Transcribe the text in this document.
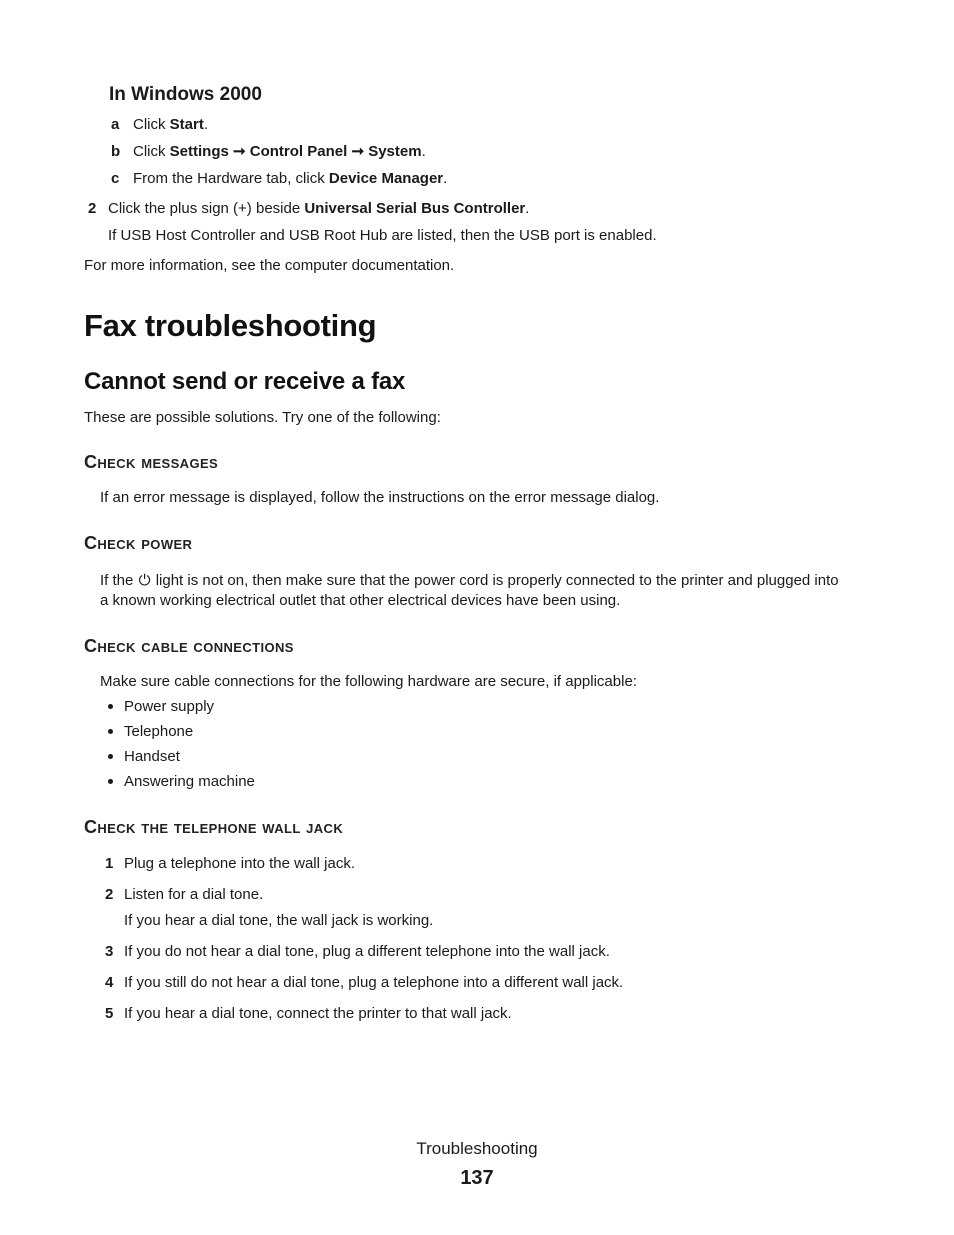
In Windows 2000
a Click Start.
b Click Settings ➞ Control Panel ➞ System.
c From the Hardware tab, click Device Manager.
2 Click the plus sign (+) beside Universal Serial Bus Controller.
If USB Host Controller and USB Root Hub are listed, then the USB port is enabled.
For more information, see the computer documentation.
Fax troubleshooting
Cannot send or receive a fax
These are possible solutions. Try one of the following:
Check messages
If an error message is displayed, follow the instructions on the error message dialog.
Check power
If the ⏻ light is not on, then make sure that the power cord is properly connected to the printer and plugged into
a known working electrical outlet that other electrical devices have been using.
Check cable connections
Make sure cable connections for the following hardware are secure, if applicable:
Power supply
Telephone
Handset
Answering machine
Check the telephone wall jack
1 Plug a telephone into the wall jack.
2 Listen for a dial tone.
If you hear a dial tone, the wall jack is working.
3 If you do not hear a dial tone, plug a different telephone into the wall jack.
4 If you still do not hear a dial tone, plug a telephone into a different wall jack.
5 If you hear a dial tone, connect the printer to that wall jack.
Troubleshooting
137
